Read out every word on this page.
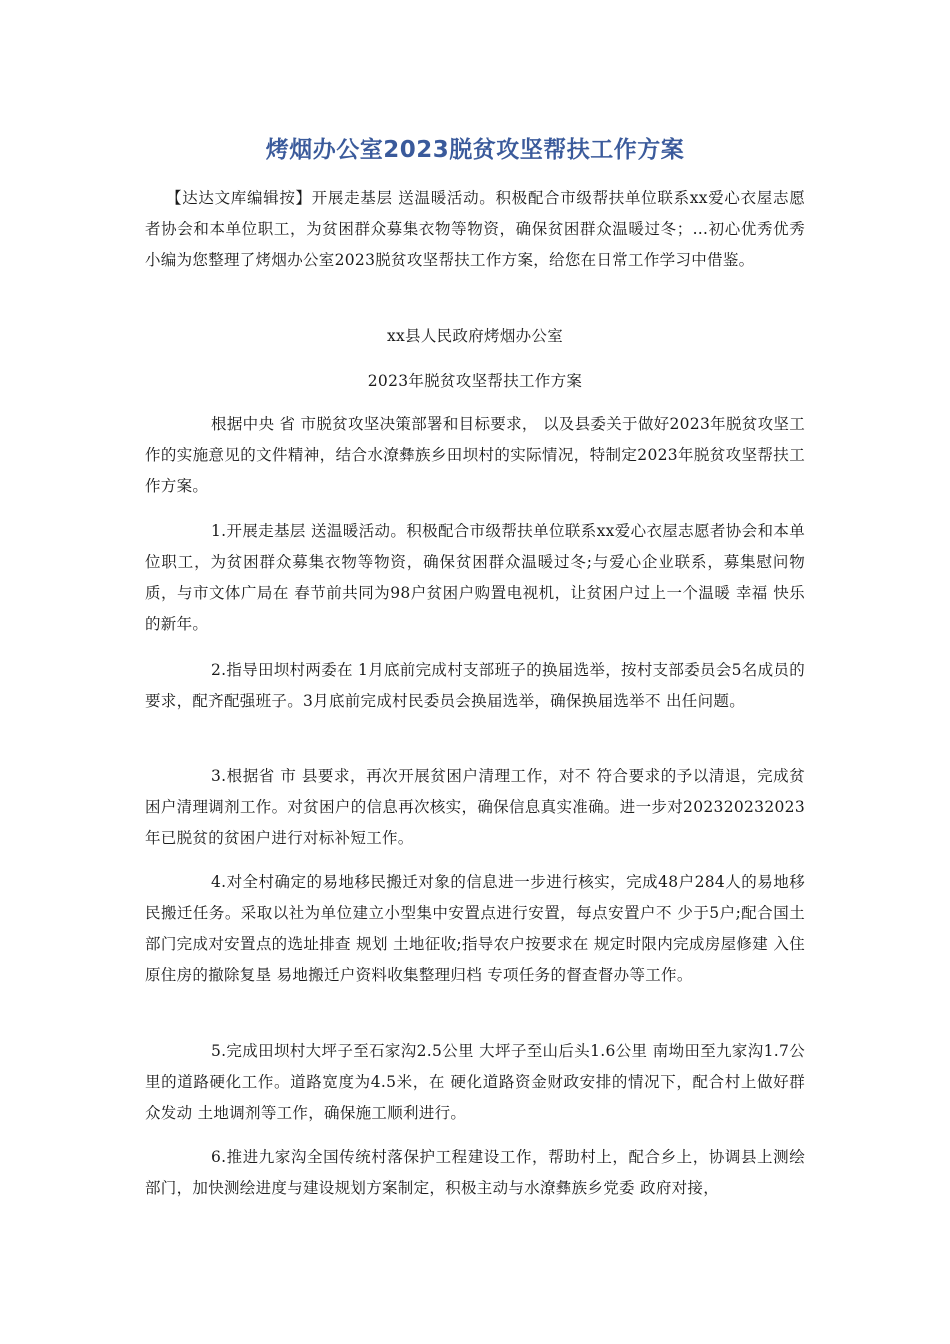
烤烟办公室2023脱贫攻坚帮扶工作方案

【达达文库编辑按】开展走基层 送温暖活动。积极配合市级帮扶单位联系xx爱心衣屋志愿者协会和本单位职工，为贫困群众募集衣物等物资，确保贫困群众温暖过冬；…初心优秀优秀小编为您整理了烤烟办公室2023脱贫攻坚帮扶工作方案，给您在日常工作学习中借鉴。

xx县人民政府烤烟办公室
2023年脱贫攻坚帮扶工作方案

根据中央 省 市脱贫攻坚决策部署和目标要求， 以及县委关于做好2023年脱贫攻坚工作的实施意见的文件精神，结合水潦彝族乡田坝村的实际情况，特制定2023年脱贫攻坚帮扶工作方案。

1.开展走基层 送温暖活动。积极配合市级帮扶单位联系xx爱心衣屋志愿者协会和本单位职工，为贫困群众募集衣物等物资，确保贫困群众温暖过冬;与爱心企业联系，募集慰问物质，与市文体广局在 春节前共同为98户贫困户购置电视机，让贫困户过上一个温暖 幸福 快乐的新年。

2.指导田坝村两委在 1月底前完成村支部班子的换届选举，按村支部委员会5名成员的要求，配齐配强班子。3月底前完成村民委员会换届选举，确保换届选举不 出任问题。

3.根据省 市 县要求，再次开展贫困户清理工作，对不 符合要求的予以清退，完成贫困户清理调剂工作。对贫困户的信息再次核实，确保信息真实准确。进一步对202320232023年已脱贫的贫困户进行对标补短工作。

4.对全村确定的易地移民搬迁对象的信息进一步进行核实，完成48户284人的易地移民搬迁任务。采取以社为单位建立小型集中安置点进行安置，每点安置户不 少于5户;配合国土部门完成对安置点的选址排查 规划 土地征收;指导农户按要求在 规定时限内完成房屋修建 入住 原住房的撤除复垦 易地搬迁户资料收集整理归档 专项任务的督查督办等工作。

5.完成田坝村大坪子至石家沟2.5公里 大坪子至山后头1.6公里 南坳田至九家沟1.7公里的道路硬化工作。道路宽度为4.5米，在 硬化道路资金财政安排的情况下，配合村上做好群众发动 土地调剂等工作，确保施工顺利进行。

6.推进九家沟全国传统村落保护工程建设工作，帮助村上，配合乡上，协调县上测绘部门，加快测绘进度与建设规划方案制定，积极主动与水潦彝族乡党委 政府对接，
